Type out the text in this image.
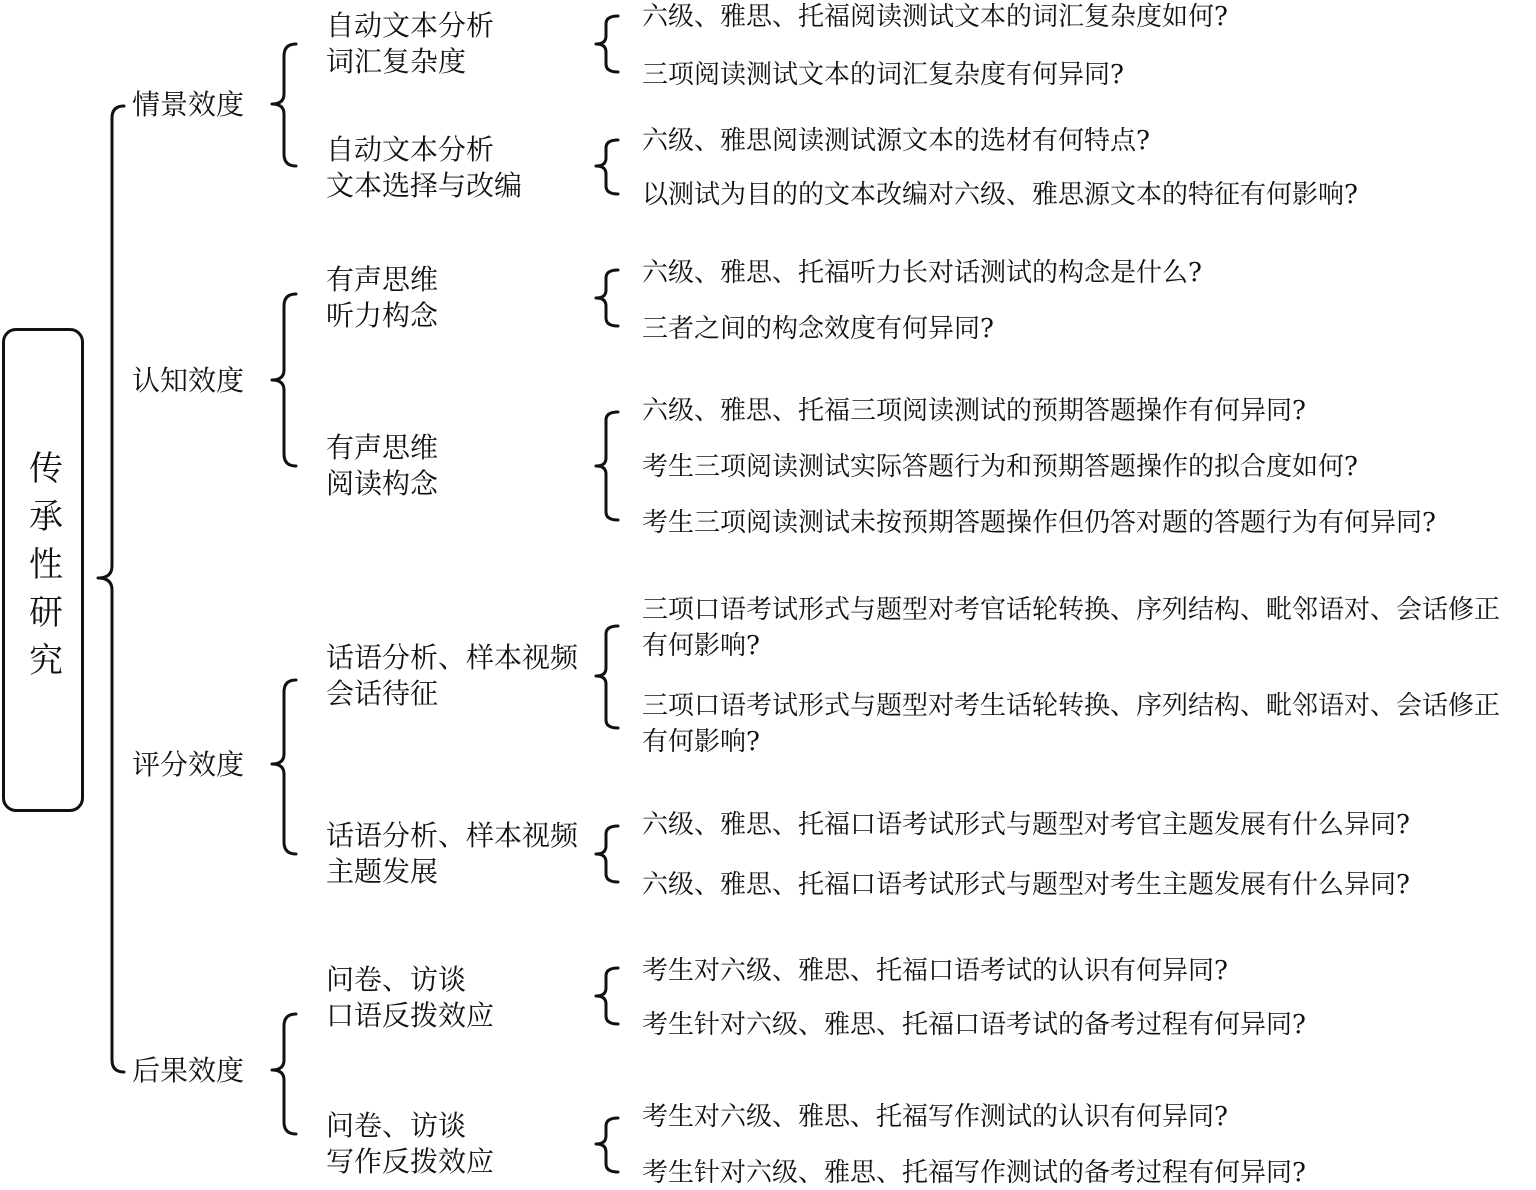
传承性研究
情景效度
认知效度
评分效度
后果效度
自动文本分析
词汇复杂度
自动文本分析
文本选择与改编
有声思维
听力构念
有声思维
阅读构念
话语分析、样本视频
会话待征
话语分析、样本视频
主题发展
问卷、访谈
口语反拨效应
问卷、访谈
写作反拨效应
六级、雅思、托福阅读测试文本的词汇复杂度如何?
三项阅读测试文本的词汇复杂度有何异同?
六级、雅思阅读测试源文本的选材有何特点?
以测试为目的的文本改编对六级、雅思源文本的特征有何影响?
六级、雅思、托福听力长对话测试的构念是什么?
三者之间的构念效度有何异同?
六级、雅思、托福三项阅读测试的预期答题操作有何异同?
考生三项阅读测试实际答题行为和预期答题操作的拟合度如何?
考生三项阅读测试未按预期答题操作但仍答对题的答题行为有何异同?
三项口语考试形式与题型对考官话轮转换、序列结构、毗邻语对、会话修正有何影响?
三项口语考试形式与题型对考生话轮转换、序列结构、毗邻语对、会话修正有何影响?
六级、雅思、托福口语考试形式与题型对考官主题发展有什么异同?
六级、雅思、托福口语考试形式与题型对考生主题发展有什么异同?
考生对六级、雅思、托福口语考试的认识有何异同?
考生针对六级、雅思、托福口语考试的备考过程有何异同?
考生对六级、雅思、托福写作测试的认识有何异同?
考生针对六级、雅思、托福写作测试的备考过程有何异同?
